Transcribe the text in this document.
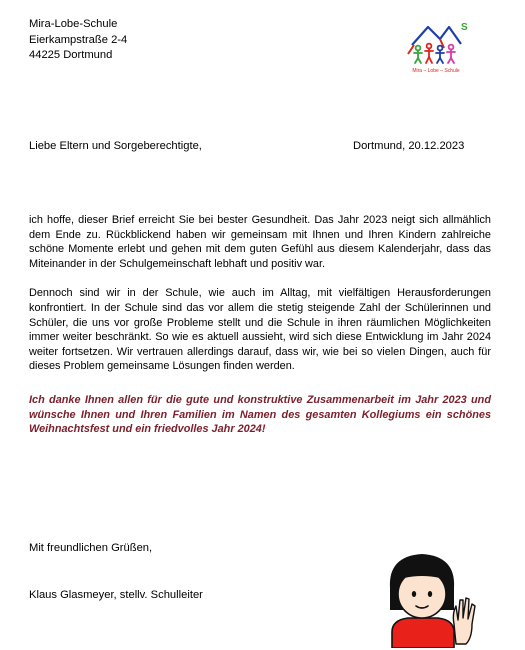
Mira-Lobe-Schule
Eierkampstraße 2-4
44225 Dortmund
S
Mira – Lobe – Schule
Liebe Eltern und Sorgeberechtigte,	Dortmund, 20.12.2023

ich hoffe, dieser Brief erreicht Sie bei bester Gesundheit. Das Jahr 2023 neigt sich allmählich dem Ende zu. Rückblickend haben wir gemeinsam mit Ihnen und Ihren Kindern zahlreiche schöne Momente erlebt und gehen mit dem guten Gefühl aus diesem Kalenderjahr, dass das Miteinander in der Schulgemeinschaft lebhaft und positiv war.

Dennoch sind wir in der Schule, wie auch im Alltag, mit vielfältigen Herausforderungen konfrontiert. In der Schule sind das vor allem die stetig steigende Zahl der Schülerinnen und Schüler, die uns vor große Probleme stellt und die Schule in ihren räumlichen Möglichkeiten immer weiter beschränkt. So wie es aktuell aussieht, wird sich diese Entwicklung im Jahr 2024 weiter fortsetzen. Wir vertrauen allerdings darauf, dass wir, wie bei so vielen Dingen, auch für dieses Problem gemeinsame Lösungen finden werden.

Ich danke Ihnen allen für die gute und konstruktive Zusammenarbeit im Jahr 2023 und wünsche Ihnen und Ihren Familien im Namen des gesamten Kollegiums ein schönes Weihnachtsfest und ein friedvolles Jahr 2024!

Mit freundlichen Grüßen,
Klaus Glasmeyer, stellv. Schulleiter
